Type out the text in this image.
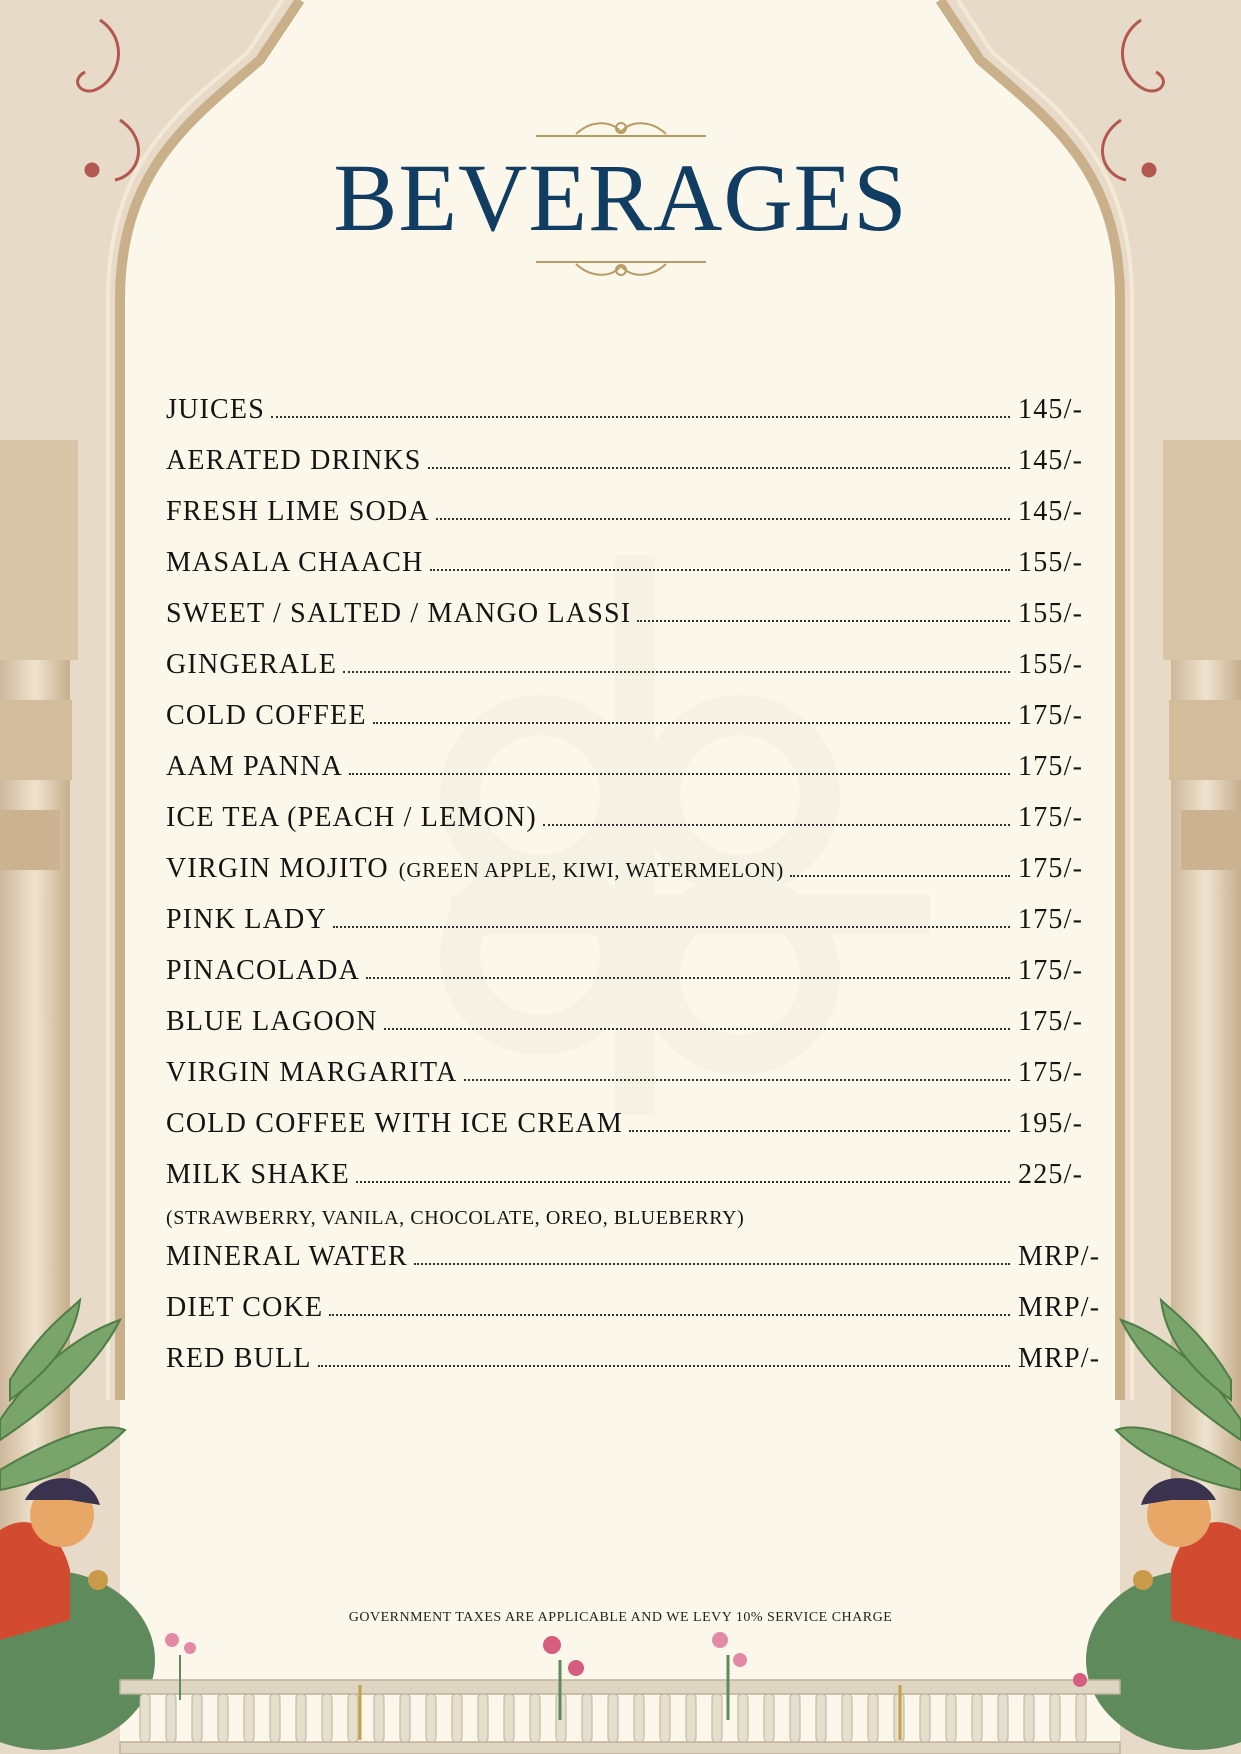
BEVERAGES
JUICES	145/-
AERATED DRINKS	145/-
FRESH LIME SODA	145/-
MASALA CHAACH	155/-
SWEET / SALTED / MANGO LASSI	155/-
GINGERALE	155/-
COLD COFFEE	175/-
AAM PANNA	175/-
ICE TEA (PEACH / LEMON)	175/-
VIRGIN MOJITO (GREEN APPLE, KIWI, WATERMELON)	175/-
PINK LADY	175/-
PINACOLADA	175/-
BLUE LAGOON	175/-
VIRGIN MARGARITA	175/-
COLD COFFEE WITH ICE CREAM	195/-
MILK SHAKE	225/-
(STRAWBERRY, VANILA, CHOCOLATE, OREO, BLUEBERRY)
MINERAL WATER	MRP/-
DIET COKE	MRP/-
RED BULL	MRP/-
GOVERNMENT TAXES ARE APPLICABLE AND WE LEVY 10% SERVICE CHARGE
